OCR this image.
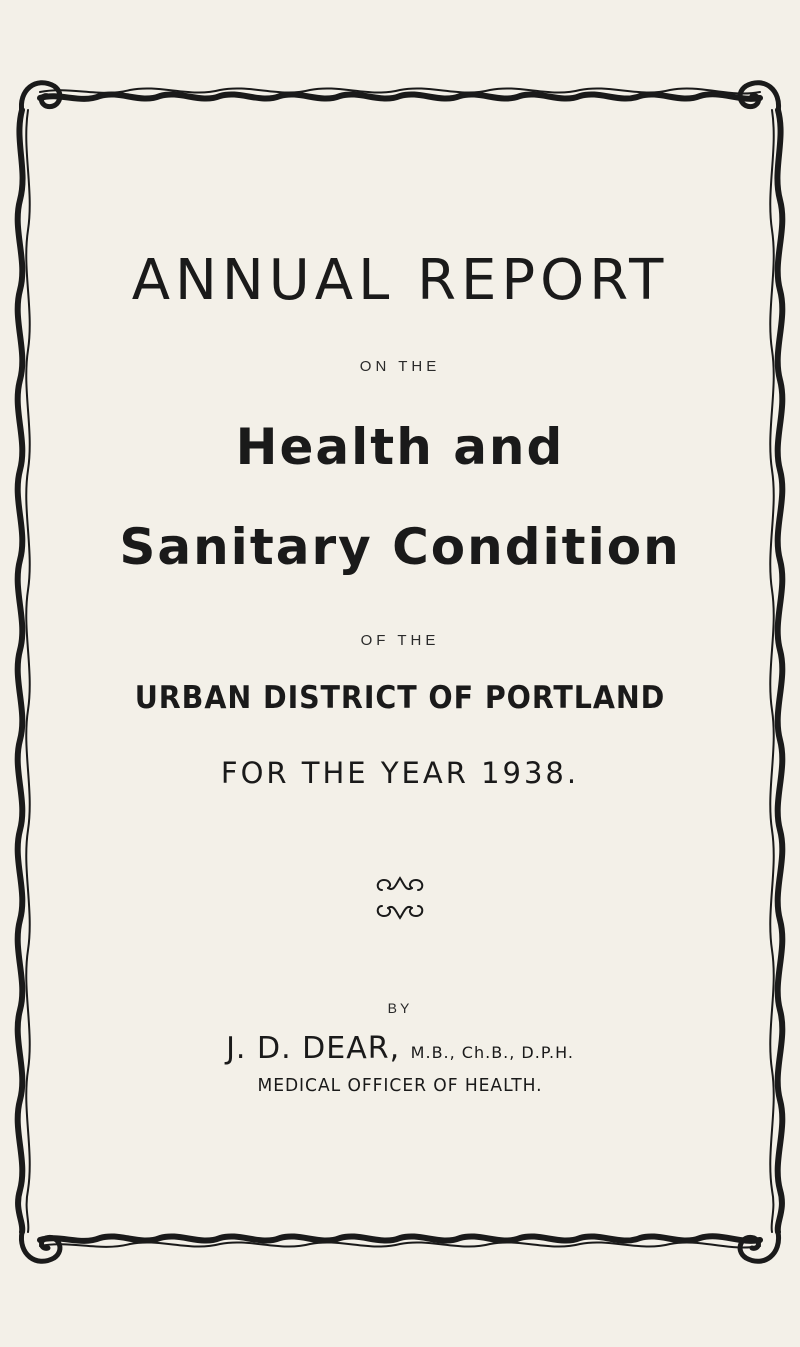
ANNUAL REPORT
ON THE
Health and
Sanitary Condition
OF THE
URBAN DISTRICT OF PORTLAND
FOR THE YEAR 1938.
BY
J. D. DEAR, M.B., Ch.B., D.P.H.
MEDICAL OFFICER OF HEALTH.
